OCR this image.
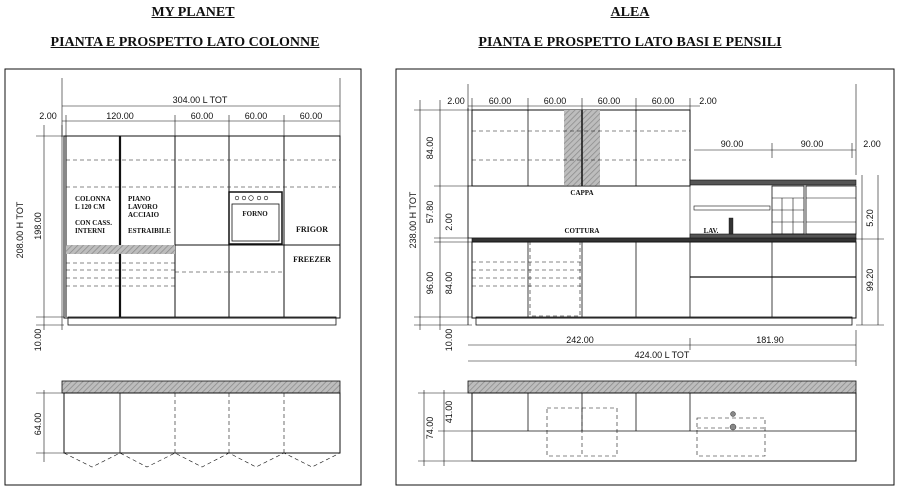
MY PLANET
PIANTA E PROSPETTO LATO COLONNE
ALEA
PIANTA E PROSPETTO LATO BASI E PENSILI
304.00 L TOT
2.00	120.00	60.00	60.00	60.00
208.00 H TOT 198.00
10.00
64.00
COLONNA
L 120 CM
CON CASS.
INTERNI
PIANO
LAVORO
ACCIAIO
ESTRAIBILE
FORNO
FRIGOR
FREEZER
2.00	60.00	60.00	60.00	60.00	2.00
90.00	90.00	2.00
238.00 H TOT
84.00
57.80 2.00
96.00 84.00
10.00
5.20
99.20
242.00	181.90
424.00 L TOT
74.00
41.00
CAPPA
COTTURA	LAV.
